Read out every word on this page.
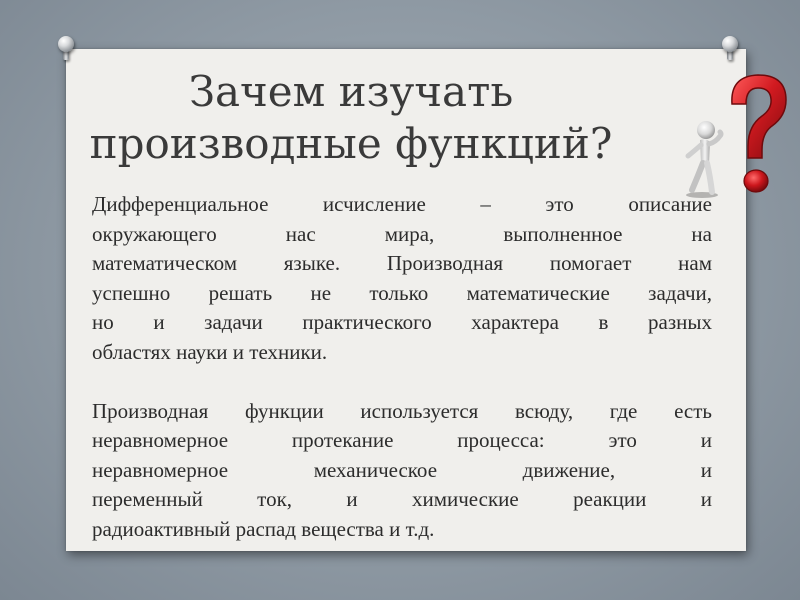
Зачем изучать
производные функций?

Дифференциальное исчисление – это описание
окружающего нас мира, выполненное на
математическом языке. Производная помогает нам
успешно решать не только математические задачи,
но и задачи практического характера в разных
областях науки и техники.

Производная функции используется всюду, где есть
неравномерное протекание процесса: это и
неравномерное механическое движение, и
переменный ток, и химические реакции и
радиоактивный распад вещества и т.д.
